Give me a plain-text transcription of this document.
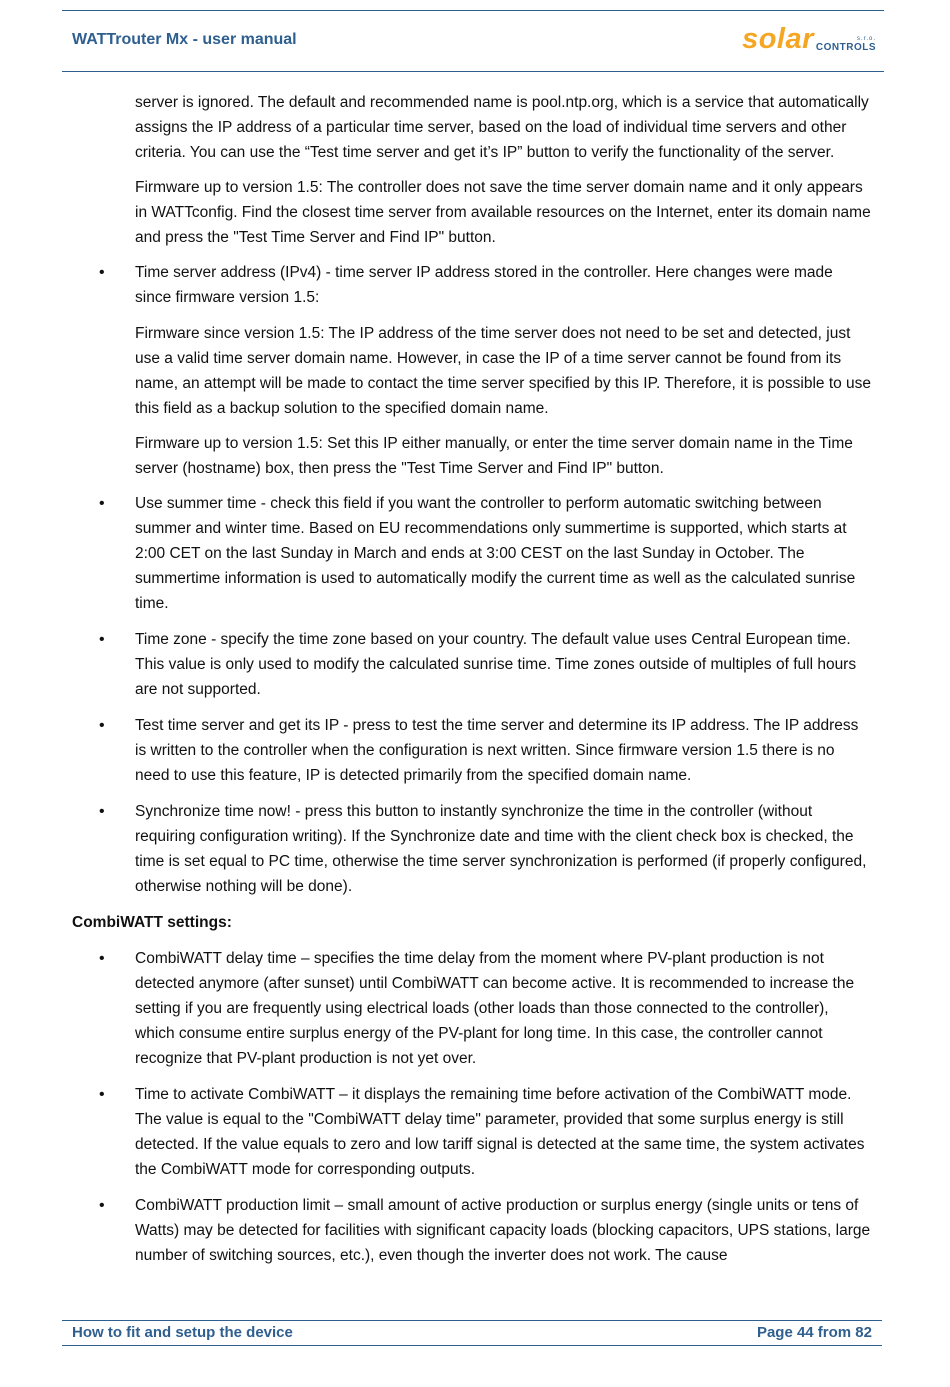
WATTrouter Mx - user manual	solar	s.r.o.
CONTROLS

server is ignored. The default and recommended name is pool.ntp.org, which is a service that automatically assigns the IP address of a particular time server, based on the load of individual time servers and other criteria. You can use the “Test time server and get it’s IP” button to verify the functionality of the server.

Firmware up to version 1.5: The controller does not save the time server domain name and it only appears in WATTconfig. Find the closest time server from available resources on the Internet, enter its domain name and press the "Test Time Server and Find IP" button.

• Time server address (IPv4) - time server IP address stored in the controller. Here changes were made since firmware version 1.5:

Firmware since version 1.5: The IP address of the time server does not need to be set and detected, just use a valid time server domain name. However, in case the IP of a time server cannot be found from its name, an attempt will be made to contact the time server specified by this IP. Therefore, it is possible to use this field as a backup solution to the specified domain name.

Firmware up to version 1.5: Set this IP either manually, or enter the time server domain name in the Time server (hostname) box, then press the "Test Time Server and Find IP" button.

• Use summer time - check this field if you want the controller to perform automatic switching between summer and winter time. Based on EU recommendations only summertime is supported, which starts at 2:00 CET on the last Sunday in March and ends at 3:00 CEST on the last Sunday in October. The summertime information is used to automatically modify the current time as well as the calculated sunrise time.
• Time zone - specify the time zone based on your country. The default value uses Central European time. This value is only used to modify the calculated sunrise time. Time zones outside of multiples of full hours are not supported.
• Test time server and get its IP - press to test the time server and determine its IP address. The IP address is written to the controller when the configuration is next written. Since firmware version 1.5 there is no need to use this feature, IP is detected primarily from the specified domain name.
• Synchronize time now! - press this button to instantly synchronize the time in the controller (without requiring configuration writing). If the Synchronize date and time with the client check box is checked, the time is set equal to PC time, otherwise the time server synchronization is performed (if properly configured, otherwise nothing will be done).
CombiWATT settings:
• CombiWATT delay time – specifies the time delay from the moment where PV-plant production is not detected anymore (after sunset) until CombiWATT can become active. It is recommended to increase the setting if you are frequently using electrical loads (other loads than those connected to the controller), which consume entire surplus energy of the PV-plant for long time. In this case, the controller cannot recognize that PV-plant production is not yet over.
• Time to activate CombiWATT – it displays the remaining time before activation of the CombiWATT mode. The value is equal to the "CombiWATT delay time" parameter, provided that some surplus energy is still detected. If the value equals to zero and low tariff signal is detected at the same time, the system activates the CombiWATT mode for corresponding outputs.
• CombiWATT production limit – small amount of active production or surplus energy (single units or tens of Watts) may be detected for facilities with significant capacity loads (blocking capacitors, UPS stations, large number of switching sources, etc.), even though the inverter does not work. The cause
How to fit and setup the device	Page 44 from 82
